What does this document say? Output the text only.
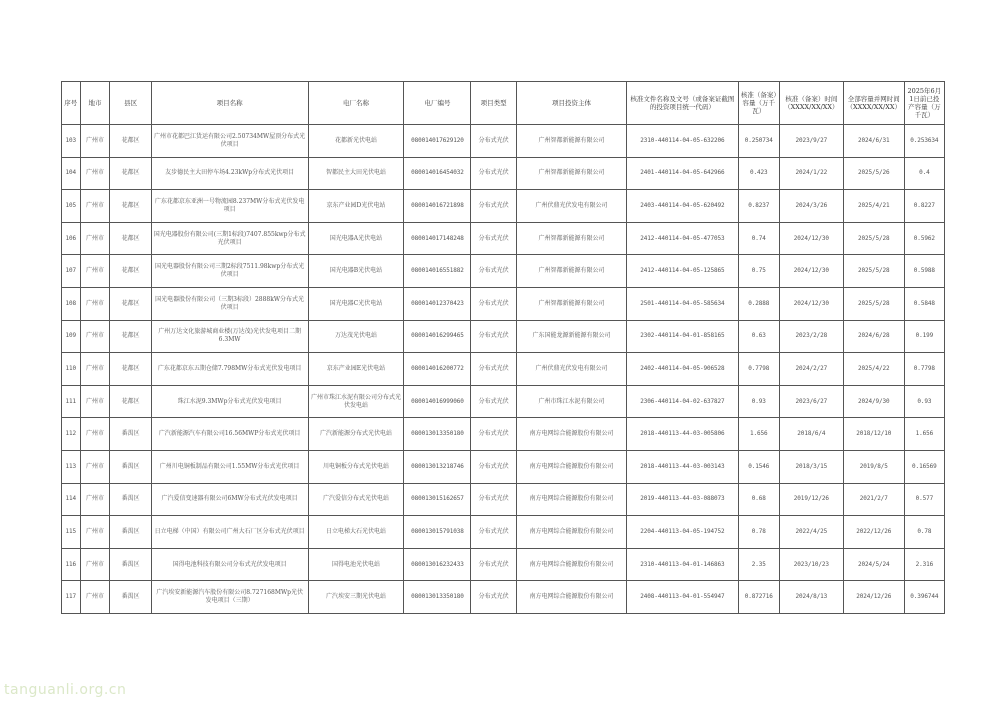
序号	地市	县区	项目名称	电厂名称	电厂编号	项目类型	项目投资主体	核准文件名称及文号（或备案证截图的投资项目统一代码）	核准（备案）容量（万千瓦）	核准（备案）时间（XXXX/XX/XX）	全部容量并网时间（XXXX/XX/XX）	2025年6月1日前已投产容量（万千瓦）
103	广州市	花都区	广州市花都巴江货运有限公司2.50734MW屋顶分布式光伏项目	花都新光伏电站	080014017629120	分布式光伏	广州智都新能源有限公司	2310-440114-04-05-632206	0.250734	2023/9/27	2024/6/31	0.253634
104	广州市	花都区	友步德民主大田停车场4.23kWp分布式光伏项目	智都民主大田光伏电站	080014016454032	分布式光伏	广州智都新能源有限公司	2401-440114-04-05-642966	0.423	2024/1/22	2025/5/26	0.4
105	广州市	花都区	广东花都京东亚洲一号物流园8.237MW分布式光伏发电项目	京东产业园D光伏电站	080014016721898	分布式光伏	广州伏鼎光伏发电有限公司	2403-440114-04-05-620492	0.8237	2024/3/26	2025/4/21	0.8227
106	广州市	花都区	国光电器股份有限公司(三期1标段)7407.855kwp分布式光伏项目	国光电器A光伏电站	080014017148248	分布式光伏	广州智都新能源有限公司	2412-440114-04-05-477053	0.74	2024/12/30	2025/5/28	0.5962
107	广州市	花都区	国光电器股份有限公司三期2标段7511.98kwp分布式光伏项目	国光电器B光伏电站	080014016551882	分布式光伏	广州智都新能源有限公司	2412-440114-04-05-125865	0.75	2024/12/30	2025/5/28	0.5988
108	广州市	花都区	国光电器股份有限公司（三期3标段）2888kW分布式光伏项目	国光电器C光伏电站	080014012370423	分布式光伏	广州智都新能源有限公司	2501-440114-04-05-585634	0.2888	2024/12/30	2025/5/28	0.5848
109	广州市	花都区	广州万达文化旅游城商业楼(万达茂)光伏发电项目二期6.3MW	万达茂光伏电站	080014016299465	分布式光伏	广东国能龙源新能源有限公司	2302-440114-04-01-858165	0.63	2023/2/28	2024/6/28	0.199
110	广州市	花都区	广东花都京东五期仓储7.798MW分布式光伏发电项目	京东产业园E光伏电站	080014016200772	分布式光伏	广州伏鼎光伏发电有限公司	2402-440114-04-05-906528	0.7798	2024/2/27	2025/4/22	0.7798
111	广州市	花都区	珠江水泥9.3MWp分布式光伏发电项目	广州市珠江水泥有限公司分布式光伏发电站	080014016999060	分布式光伏	广州市珠江水泥有限公司	2306-440114-04-02-637827	0.93	2023/6/27	2024/9/30	0.93
112	广州市	番禺区	广汽新能源汽车有限公司16.56MWP分布式光伏项目	广汽新能源分布式光伏电站	080013013350180	分布式光伏	南方电网综合能源股份有限公司	2018-440113-44-03-005806	1.656	2018/6/4	2018/12/10	1.656
113	广州市	番禺区	广州川电铜板制品有限公司1.55MW分布式光伏项目	川电铜板分布式光伏电站	080013013218746	分布式光伏	南方电网综合能源股份有限公司	2018-440113-44-03-003143	0.1546	2018/3/15	2019/8/5	0.16569
114	广州市	番禺区	广汽爱信变速器有限公司6MW分布式光伏发电项目	广汽爱信分布式光伏电站	080013015162657	分布式光伏	南方电网综合能源股份有限公司	2019-440113-44-03-088073	0.68	2019/12/26	2021/2/7	0.577
115	广州市	番禺区	日立电梯（中国）有限公司广州大石厂区分布式光伏项目	日立电梯大石光伏电站	080013015791038	分布式光伏	南方电网综合能源股份有限公司	2204-440113-04-05-194752	0.78	2022/4/25	2022/12/26	0.78
116	广州市	番禺区	国得电池科技有限公司分布式光伏发电项目	国得电池光伏电站	080013016232433	分布式光伏	南方电网综合能源股份有限公司	2310-440113-04-01-146863	2.35	2023/10/23	2024/5/24	2.316
117	广州市	番禺区	广汽埃安新能源汽车股份有限公司8.727168MWp光伏发电项目（三期）	广汽埃安三期光伏电站	080013013350180	分布式光伏	南方电网综合能源股份有限公司	2408-440113-04-01-554947	0.872716	2024/8/13	2024/12/26	0.396744
tanguanli.org.cn
